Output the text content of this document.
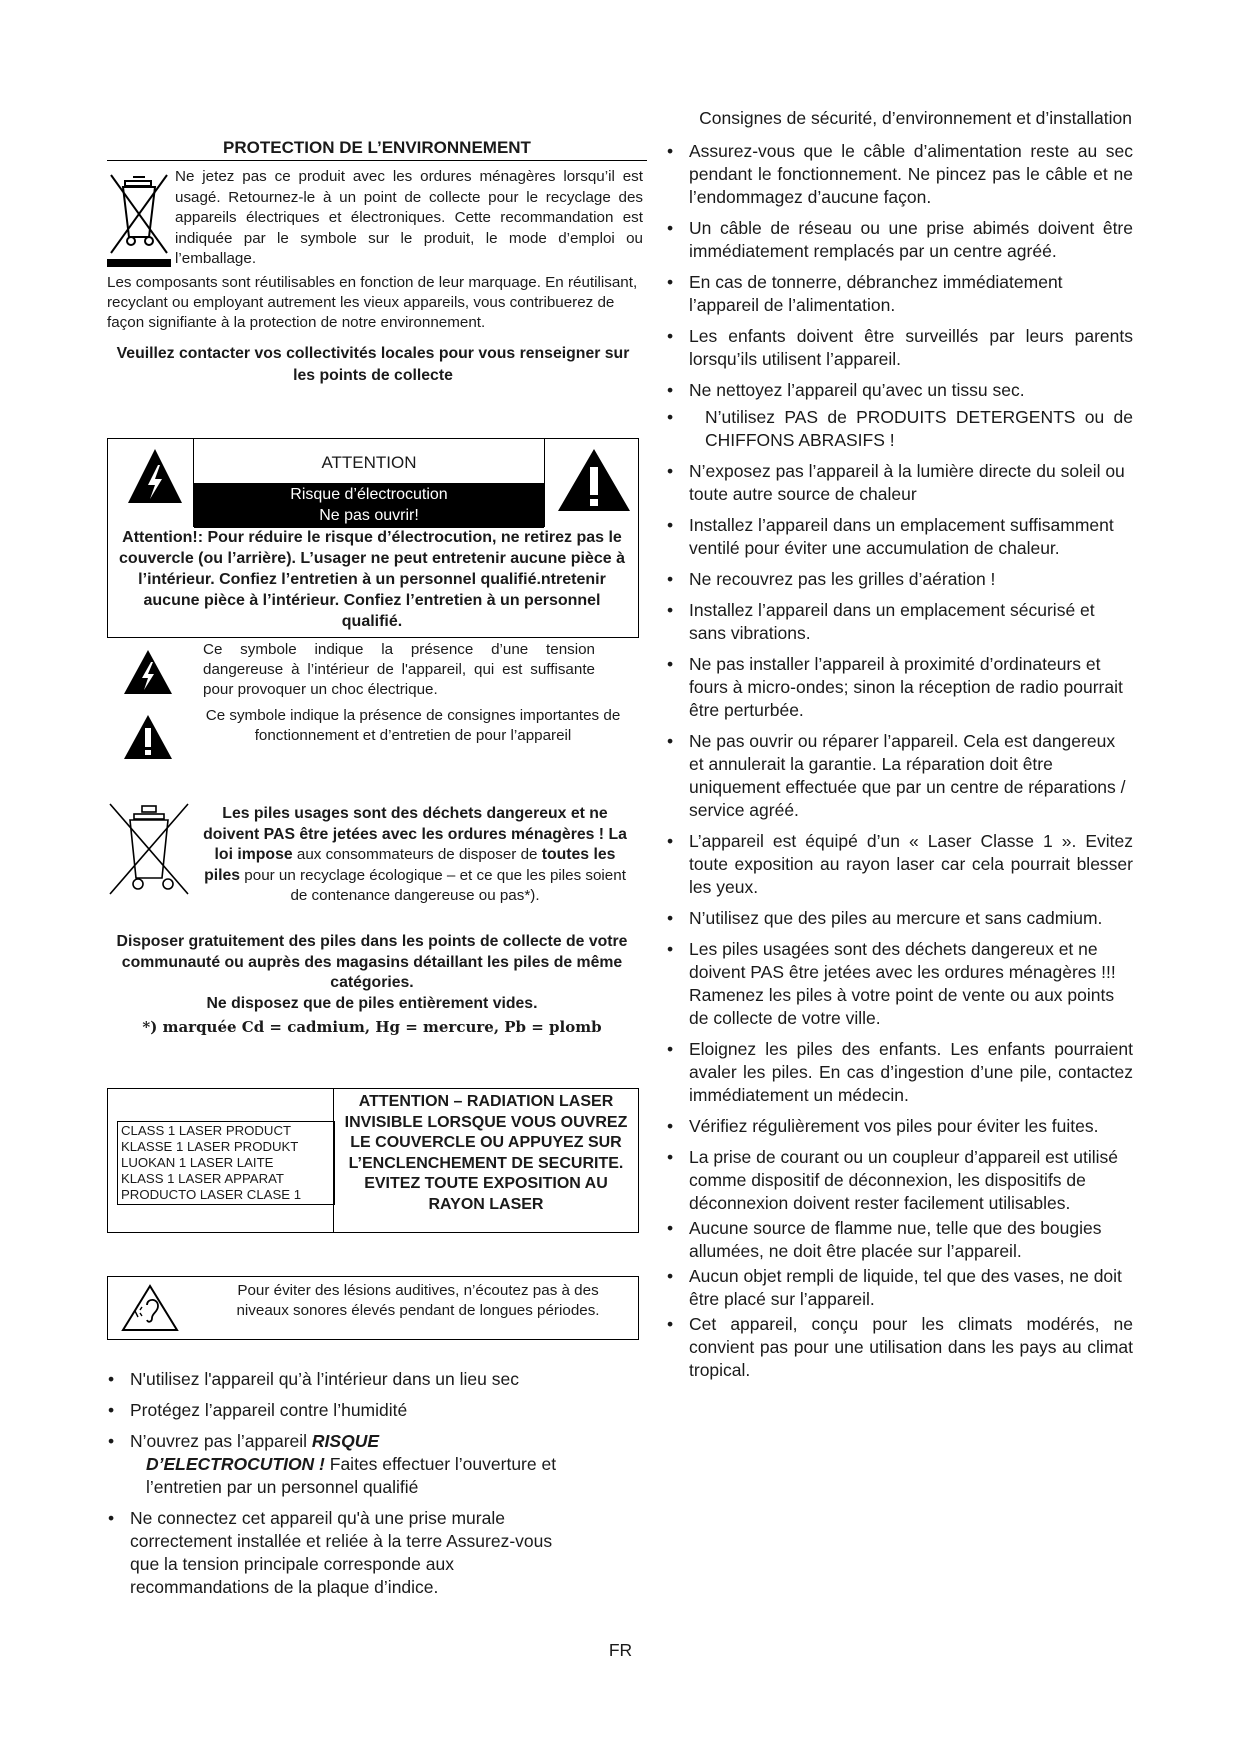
Consignes de sécurité, d’environnement et d’installation
PROTECTION DE L’ENVIRONNEMENT

Ne jetez pas ce produit avec les ordures ménagères lorsqu’il est usagé. Retournez-le à un point de collecte pour le recyclage des appareils électriques et électroniques. Cette recommandation est indiquée par le symbole sur le produit, le mode d’emploi ou l’emballage.

Les composants sont réutilisables en fonction de leur marquage. En réutilisant, recyclant ou employant autrement les vieux appareils, vous contribuerez de façon signifiante à la protection de notre environnement.

Veuillez contacter vos collectivités locales pour vous renseigner sur les points de collecte

ATTENTION
Risque d’électrocution
Ne pas ouvrir!

Attention!: Pour réduire le risque d’électrocution, ne retirez pas le couvercle (ou l’arrière). L’usager ne peut entretenir aucune pièce à l’intérieur. Confiez l’entretien à un personnel qualifié.ntretenir aucune pièce à l’intérieur. Confiez l’entretien à un personnel qualifié.

Ce symbole indique la présence d’une tension dangereuse à l’intérieur de l'appareil, qui est suffisante pour provoquer un choc électrique.

Ce symbole indique la présence de consignes importantes de fonctionnement et d’entretien de pour l’appareil

Les piles usages sont des déchets dangereux et ne doivent PAS être jetées avec les ordures ménagères ! La loi impose aux consommateurs de disposer de toutes les piles pour un recyclage écologique – et ce que les piles soient de contenance dangereuse ou pas*).

Disposer gratuitement des piles dans les points de collecte de votre communauté ou auprès des magasins détaillant les piles de même catégories.

Ne disposez que de piles entièrement vides.

*) marquée Cd = cadmium, Hg = mercure, Pb = plomb

CLASS 1 LASER PRODUCT
KLASSE 1 LASER PRODUKT
LUOKAN 1 LASER LAITE
KLASS 1 LASER APPARAT
PRODUCTO LASER CLASE 1
ATTENTION – RADIATION LASER INVISIBLE LORSQUE VOUS OUVREZ LE COUVERCLE OU APPUYEZ SUR L’ENCLENCHEMENT DE SECURITE. EVITEZ TOUTE EXPOSITION AU RAYON LASER

Pour éviter des lésions auditives, n’écoutez pas à des niveaux sonores élevés pendant de longues périodes.

• N'utilisez l'appareil qu’à l’intérieur dans un lieu sec
• Protégez l’appareil contre l’humidité
• N’ouvrez pas l’appareil RISQUE

D’ELECTROCUTION ! Faites effectuer l’ouverture et l’entretien par un personnel qualifié
• Ne connectez cet appareil qu'à une prise murale correctement installée et reliée à la terre Assurez-vous que la tension principale corresponde aux recommandations de la plaque d’indice.
• Assurez-vous que le câble d’alimentation reste au sec pendant le fonctionnement. Ne pincez pas le câble et ne l’endommagez d’aucune façon.
• Un câble de réseau ou une prise abimés doivent être immédiatement remplacés par un centre agréé.
• En cas de tonnerre, débranchez immédiatement l’appareil de l’alimentation.
• Les enfants doivent être surveillés par leurs parents lorsqu’ils utilisent l’appareil.
• Ne nettoyez l’appareil qu’avec un tissu sec.
• N’utilisez PAS de PRODUITS DETERGENTS ou de CHIFFONS ABRASIFS !
• N’exposez pas l’appareil à la lumière directe du soleil ou toute autre source de chaleur
• Installez l’appareil dans un emplacement suffisamment ventilé pour éviter une accumulation de chaleur.
• Ne recouvrez pas les grilles d’aération !
• Installez l’appareil dans un emplacement sécurisé et sans vibrations.
• Ne pas installer l’appareil à proximité d’ordinateurs et fours à micro-ondes; sinon la réception de radio pourrait être perturbée.
• Ne pas ouvrir ou réparer l’appareil. Cela est dangereux et annulerait la garantie. La réparation doit être uniquement effectuée que par un centre de réparations / service agréé.
• L’appareil est équipé d’un « Laser Classe 1 ». Evitez toute exposition au rayon laser car cela pourrait blesser les yeux.
• N’utilisez que des piles au mercure et sans cadmium.
• Les piles usagées sont des déchets dangereux et ne doivent PAS être jetées avec les ordures ménagères !!! Ramenez les piles à votre point de vente ou aux points de collecte de votre ville.
• Eloignez les piles des enfants. Les enfants pourraient avaler les piles. En cas d’ingestion d’une pile, contactez immédiatement un médecin.
• Vérifiez régulièrement vos piles pour éviter les fuites.
• La prise de courant ou un coupleur d’appareil est utilisé comme dispositif de déconnexion, les dispositifs de déconnexion doivent rester facilement utilisables.
• Aucune source de flamme nue, telle que des bougies allumées, ne doit être placée sur l’appareil.
• Aucun objet rempli de liquide, tel que des vases, ne doit être placé sur l’appareil.
• Cet appareil, conçu pour les climats modérés, ne convient pas pour une utilisation dans les pays au climat tropical.
FR
